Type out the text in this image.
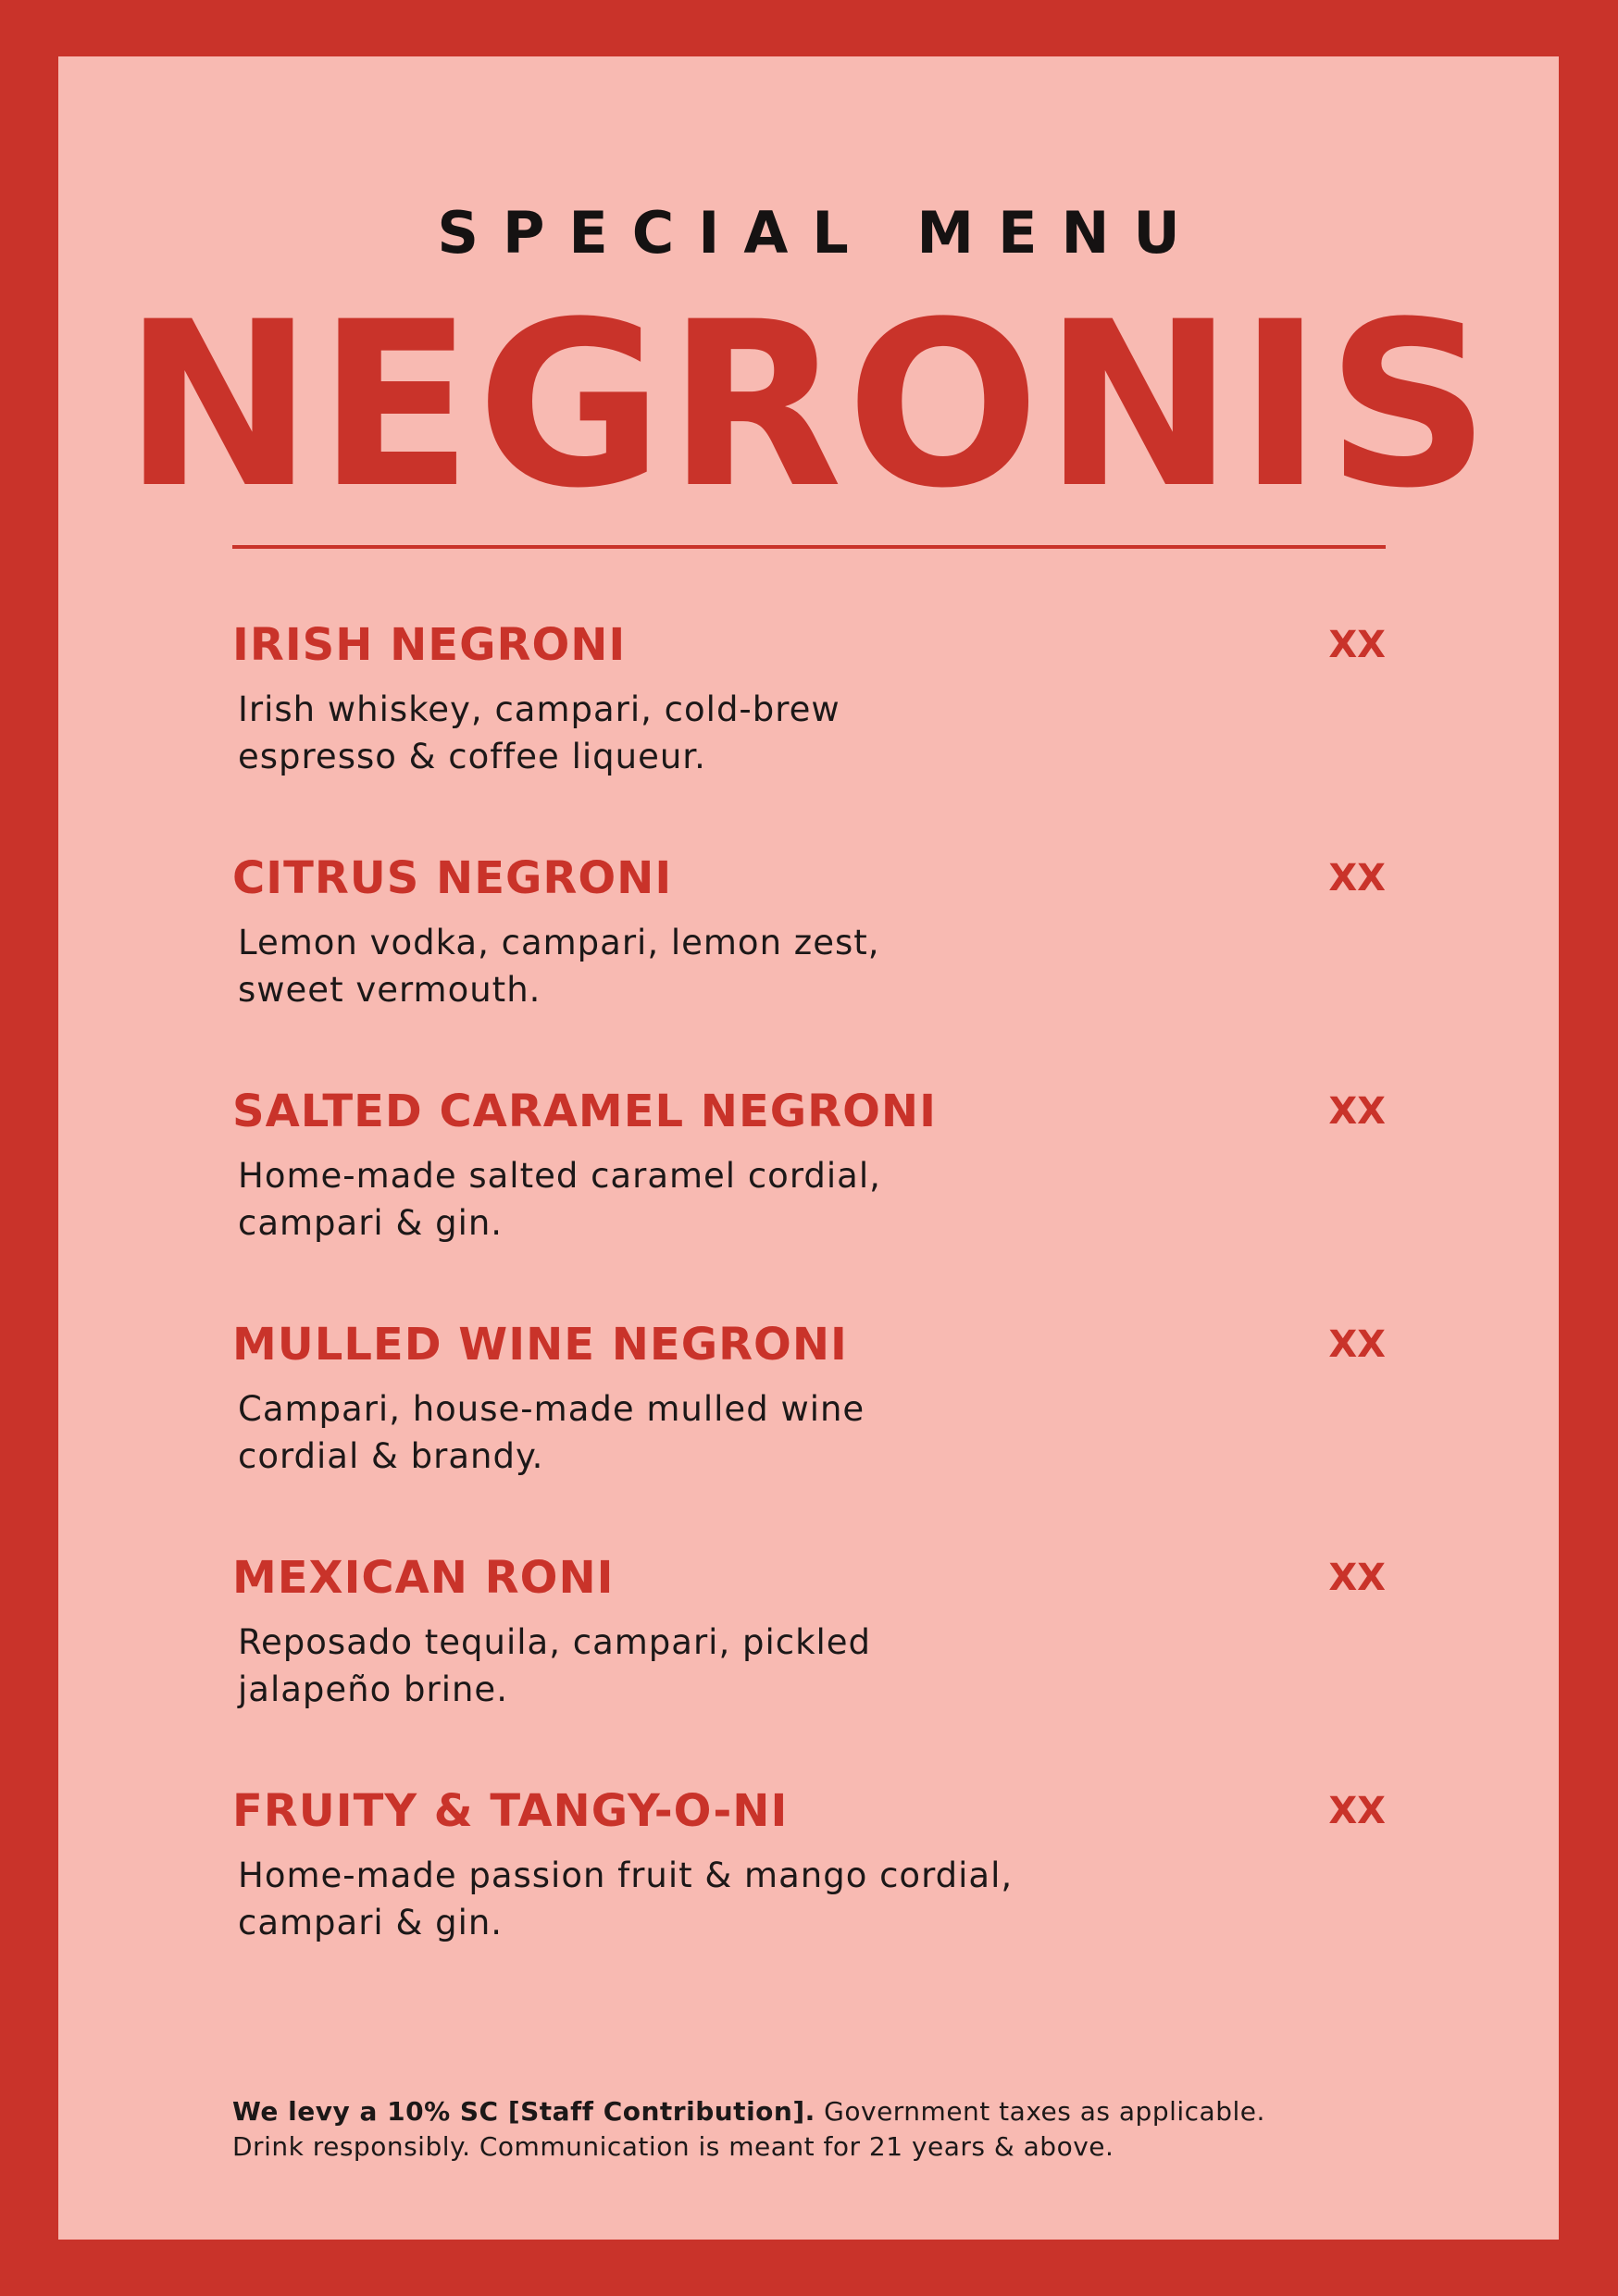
SPECIAL MENU
NEGRONIS
IRISH NEGRONI	XX
Irish whiskey, campari, cold-brew
espresso & coffee liqueur.
CITRUS NEGRONI	XX
Lemon vodka, campari, lemon zest,
sweet vermouth.
SALTED CARAMEL NEGRONI	XX
Home-made salted caramel cordial,
campari & gin.
MULLED WINE NEGRONI	XX
Campari, house-made mulled wine
cordial & brandy.
MEXICAN RONI	XX
Reposado tequila, campari, pickled
jalapeño brine.
FRUITY & TANGY-O-NI	XX
Home-made passion fruit & mango cordial,
campari & gin.
We levy a 10% SC [Staff Contribution]. Government taxes as applicable.
Drink responsibly. Communication is meant for 21 years & above.
